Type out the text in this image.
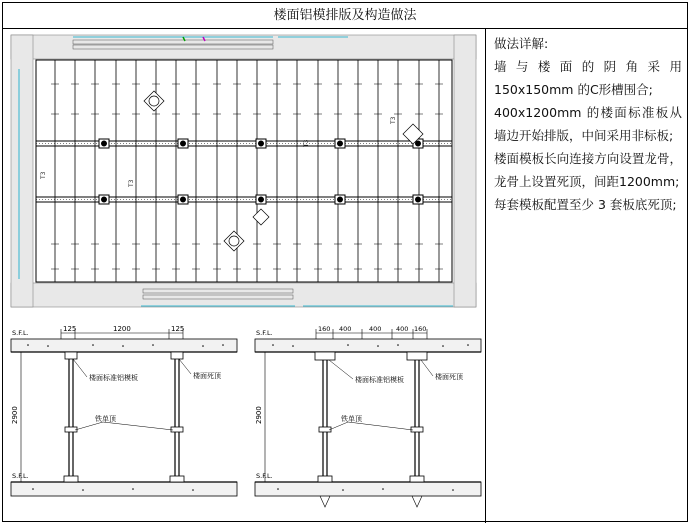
楼面铝模排版及构造做法
T3
T3
T3
T3
S.F.L.
S.F.L.
125	1200	125
2900
楼面标准铝模板	楼面死顶
铁单顶
S.F.L.
S.F.L.
160 400	400 400 160
2900
楼面标准铝模板	楼面死顶
铁单顶

做法详解:

墙与楼面的阴角采用150x150mm 的C形槽围合;

400x1200mm 的楼面标准板从墙边开始排版，中间采用非标板;

楼面模板长向连接方向设置龙骨，龙骨上设置死顶，间距1200mm;

每套模板配置至少 3 套板底死顶;
